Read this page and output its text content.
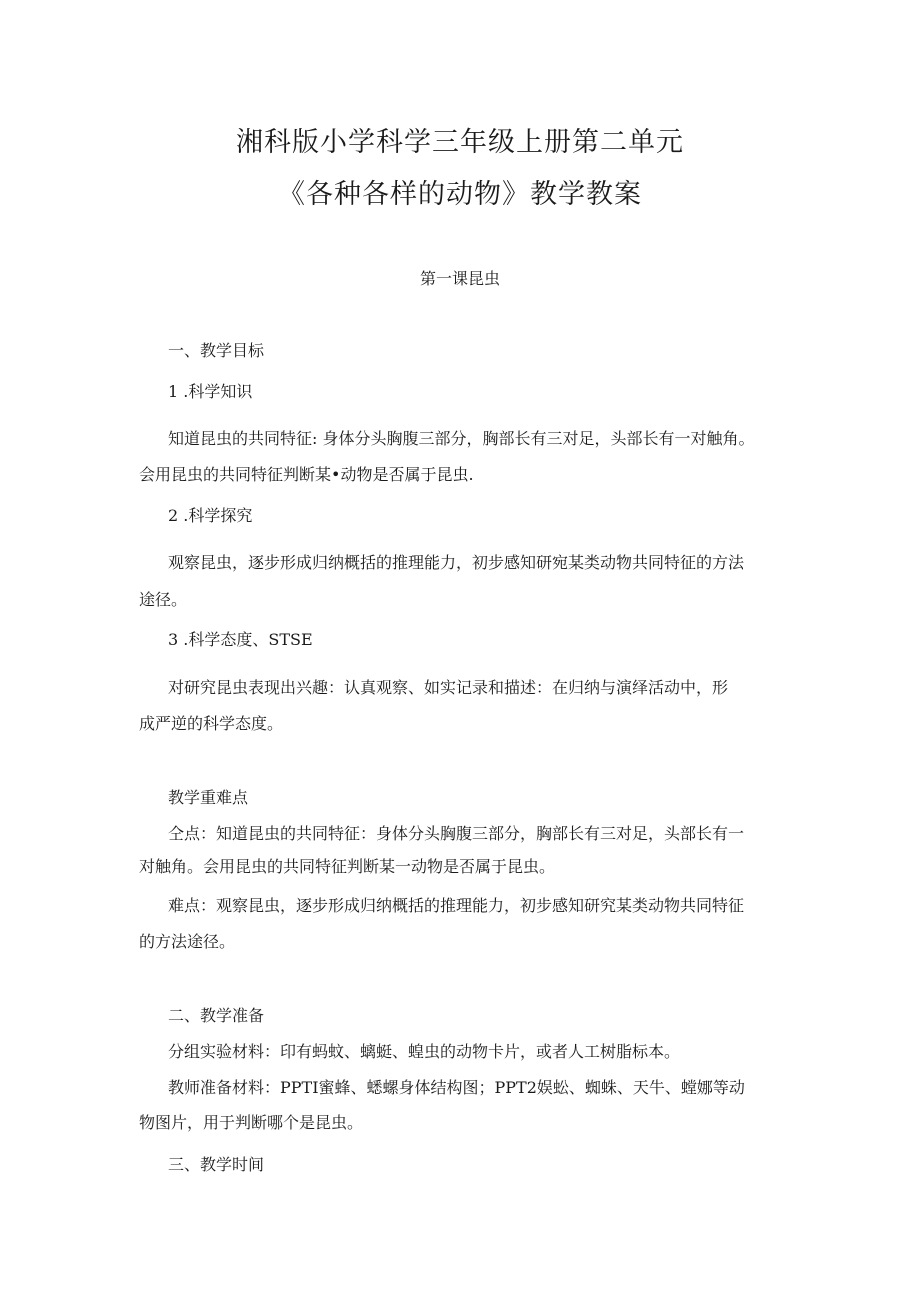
湘科版小学科学三年级上册第二单元
《各种各样的动物》教学教案
第一课昆虫
一、教学目标
1 .科学知识
知道昆虫的共同特征: 身体分头胸腹三部分，胸部长有三对足，头部长有一对触角。
会用昆虫的共同特征判断某•动物是否属于昆虫.
2 .科学探究
观察昆虫，逐步形成归纳概括的推理能力，初步感知研宛某类动物共同特征的方法
途径。
3 .科学态度、STSE
对研究昆虫表现出兴趣：认真观察、如实记录和描述：在归纳与演绎活动中，形
成严逆的科学态度。
教学重难点
仝点：知道昆虫的共同特征：身体分头胸腹三部分，胸部长有三对足，头部长有一
对触角。会用昆虫的共同特征判断某一动物是否属于昆虫。
难点：观察昆虫，逐步形成归纳概括的推理能力，初步感知研究某类动物共同特征
的方法途径。
二、教学准备
分组实验材料：印有蚂蚊、螭蜓、蝗虫的动物卡片，或者人工树脂标本。
教师准备材料：PPTI蜜蜂、蟋螺身体结构图；PPT2娱蚣、蜘蛛、天牛、螳娜等动
物图片，用于判断哪个是昆虫。
三、教学时间
